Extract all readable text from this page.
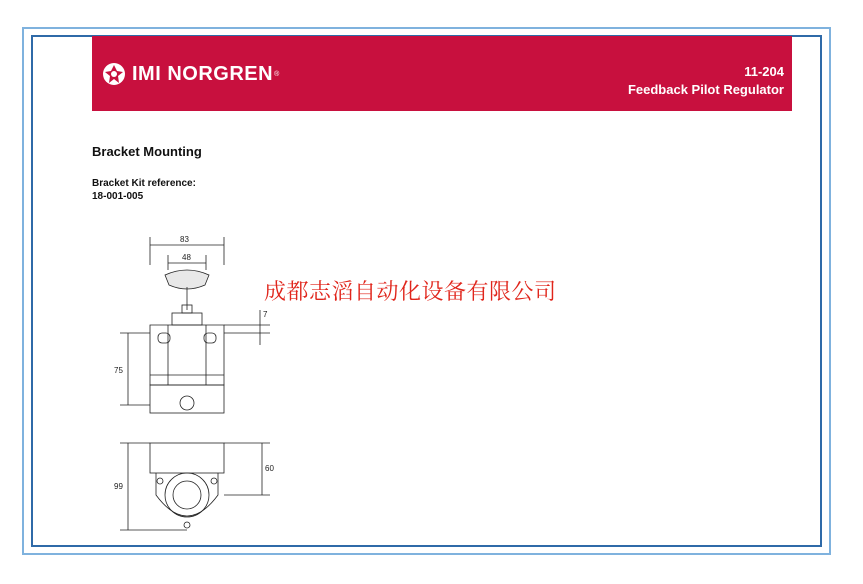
IMI NORGREN ®	11-204
Feedback Pilot Regulator
Bracket Mounting
Bracket Kit reference:
18-001-005
成都志滔自动化设备有限公司
83
48
7
75
60
99
